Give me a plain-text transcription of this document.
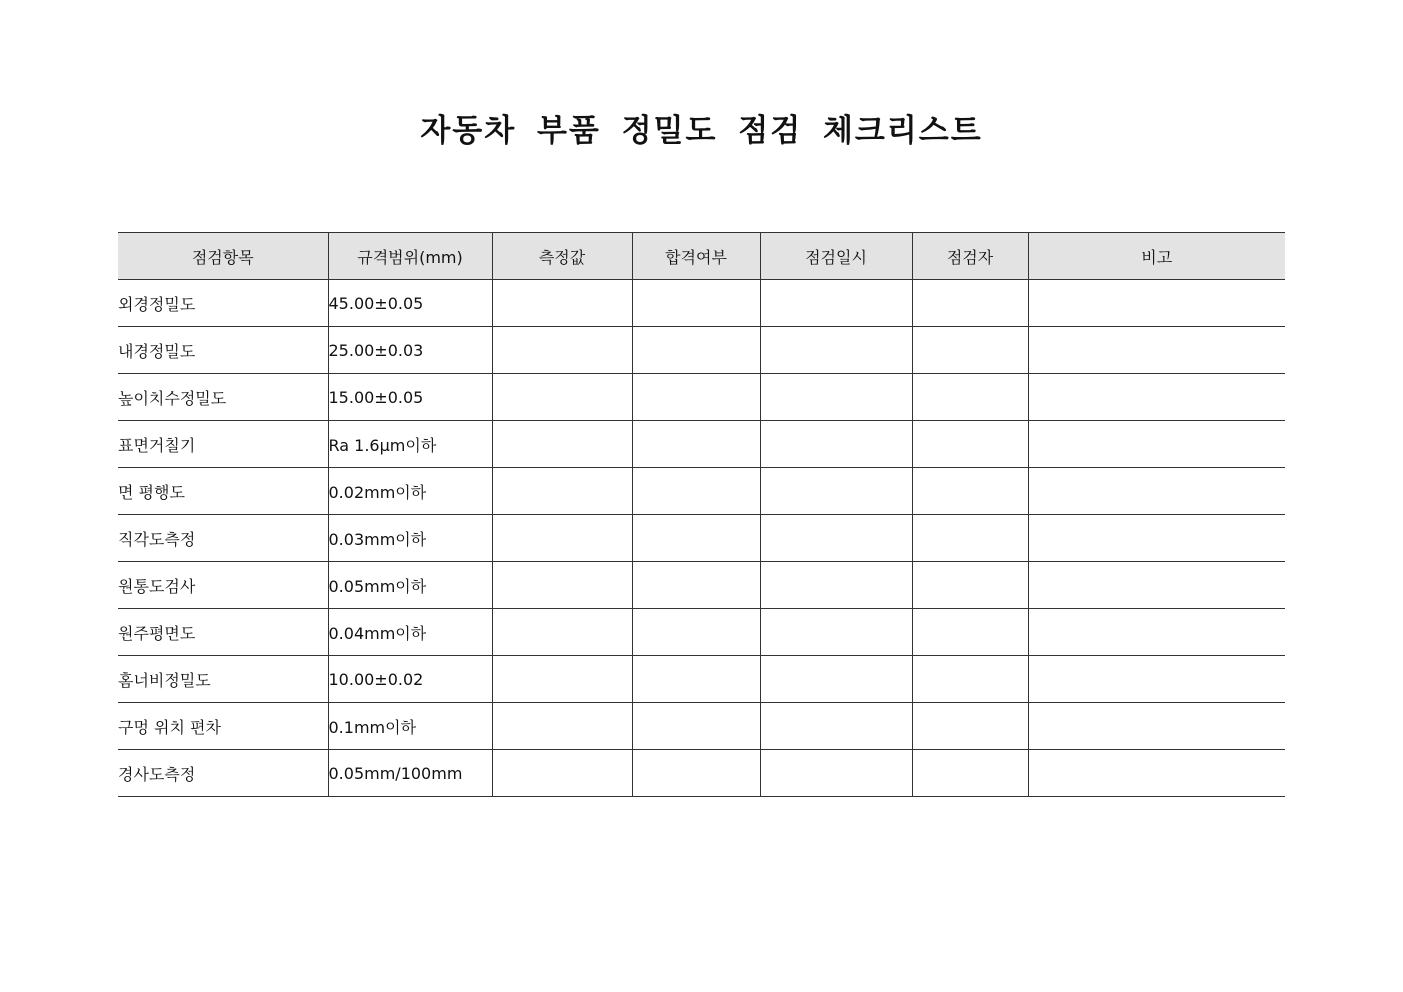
자동차 부품 정밀도 점검 체크리스트
점검항목	규격범위(mm)	측정값	합격여부	점검일시	점검자	비고
외경정밀도	45.00±0.05					
내경정밀도	25.00±0.03					
높이치수정밀도	15.00±0.05					
표면거칠기	Ra 1.6μm이하					
면 평행도	0.02mm이하					
직각도측정	0.03mm이하					
원통도검사	0.05mm이하					
원주평면도	0.04mm이하					
홈너비정밀도	10.00±0.02					
구멍 위치 편차	0.1mm이하					
경사도측정	0.05mm/100mm					
